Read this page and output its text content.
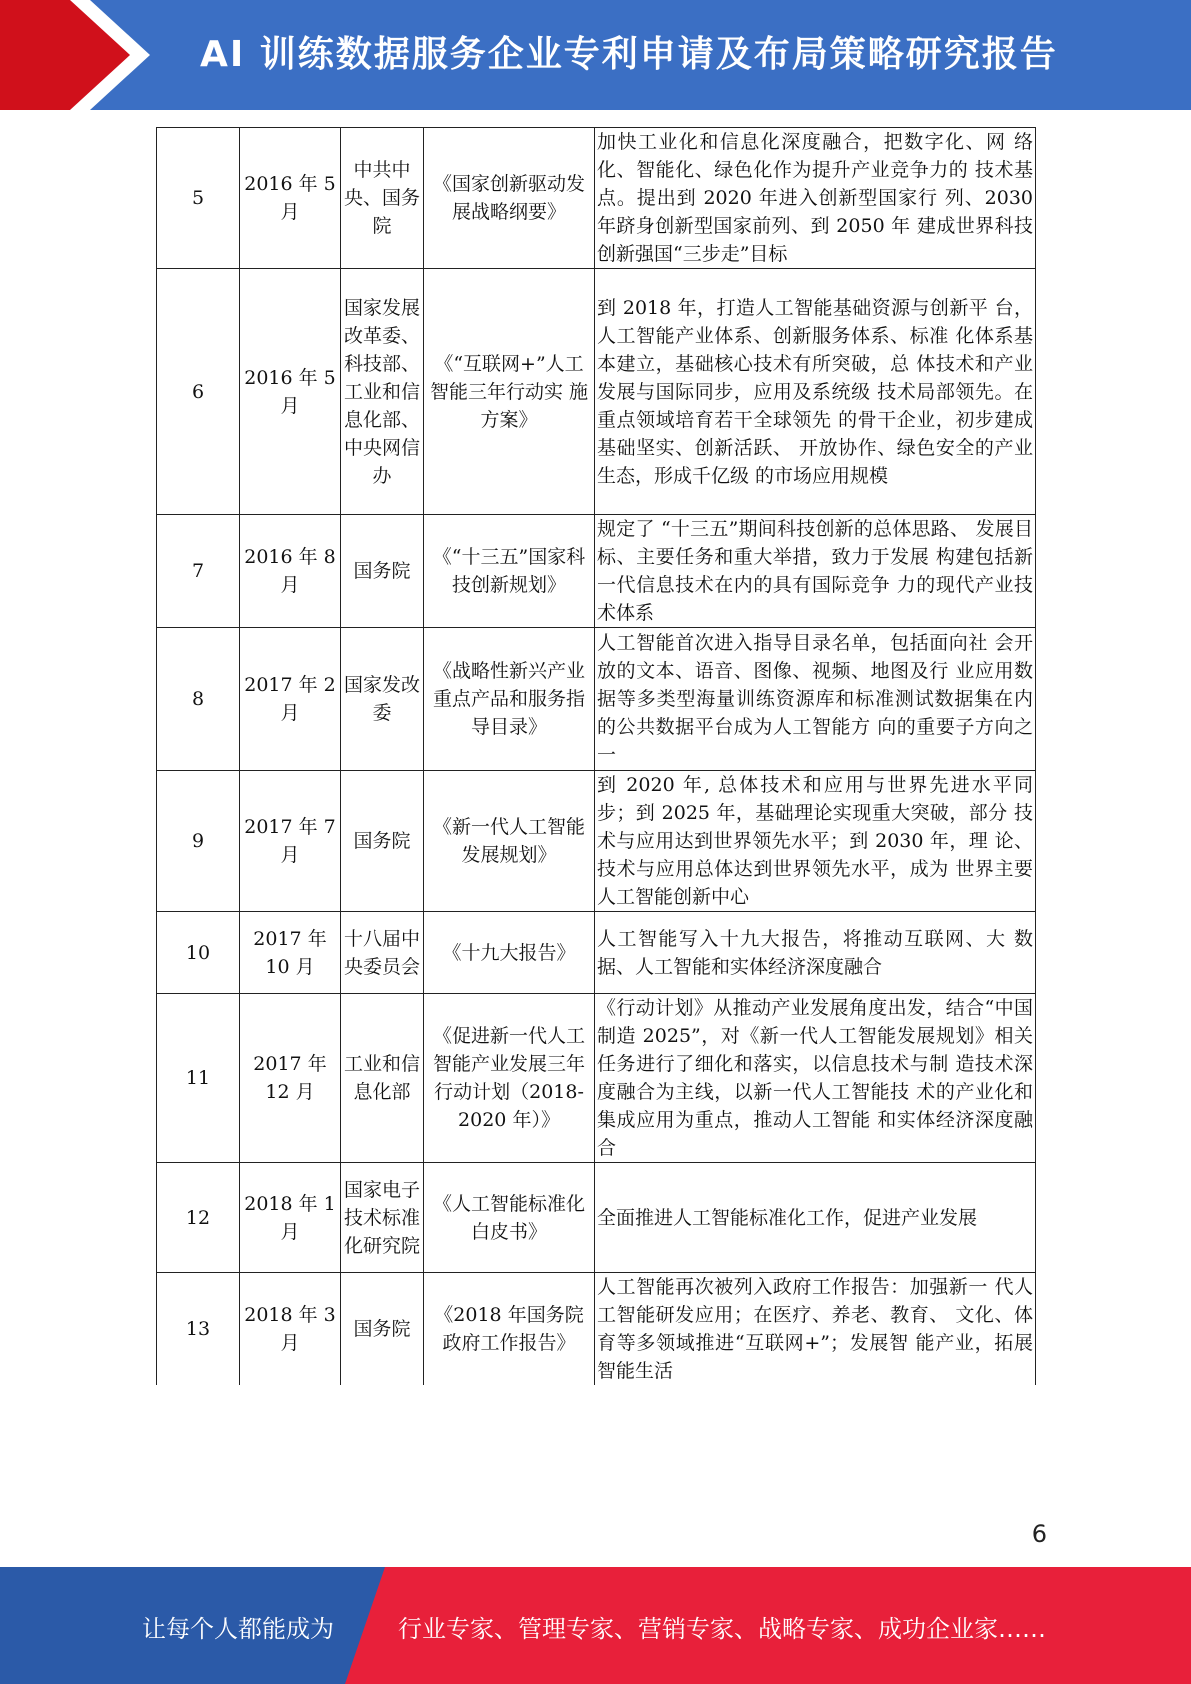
AI 训练数据服务企业专利申请及布局策略研究报告
5	2016 年 5 月	中共中央、国务院	《国家创新驱动发展战略纲要》	加快工业化和信息化深度融合，把数字化、网 络化、智能化、绿色化作为提升产业竞争力的 技术基点。提出到 2020 年进入创新型国家行 列、2030 年跻身创新型国家前列、到 2050 年 建成世界科技创新强国“三步走”目标
6	2016 年 5 月	国家发展改革委、科技部、工业和信息化部、中央网信办	《“互联网+”人工 智能三年行动实 施方案》	到 2018 年，打造人工智能基础资源与创新平 台，人工智能产业体系、创新服务体系、标准 化体系基本建立，基础核心技术有所突破，总 体技术和产业发展与国际同步，应用及系统级 技术局部领先。在重点领域培育若干全球领先 的骨干企业，初步建成基础坚实、创新活跃、 开放协作、绿色安全的产业生态，形成千亿级 的市场应用规模
7	2016 年 8 月	国务院	《“十三五”国家科技创新规划》	规定了 “十三五”期间科技创新的总体思路、 发展目标、主要任务和重大举措，致力于发展 构建包括新一代信息技术在内的具有国际竞争 力的现代产业技术体系
8	2017 年 2 月	国家发改委	《战略性新兴产业重点产品和服务指导目录》	人工智能首次进入指导目录名单，包括面向社 会开放的文本、语音、图像、视频、地图及行 业应用数据等多类型海量训练资源库和标准测试数据集在内的公共数据平台成为人工智能方 向的重要子方向之一
9	2017 年 7 月	国务院	《新一代人工智能发展规划》	到 2020 年, 总体技术和应用与世界先进水平同 步；到 2025 年，基础理论实现重大突破，部分 技术与应用达到世界领先水平；到 2030 年，理 论、技术与应用总体达到世界领先水平，成为 世界主要人工智能创新中心
10	2017 年 10 月	十八届中央委员会	《十九大报告》	人工智能写入十九大报告，将推动互联网、大 数据、人工智能和实体经济深度融合
11	2017 年 12 月	工业和信息化部	《促进新一代人工智能产业发展三年行动计划（2018-2020 年）》	《行动计划》从推动产业发展角度出发，结合“中国制造 2025”，对《新一代人工智能发展规划》相关任务进行了细化和落实，以信息技术与制 造技术深度融合为主线，以新一代人工智能技 术的产业化和集成应用为重点，推动人工智能 和实体经济深度融合
12	2018 年 1 月	国家电子技术标准化研究院	《人工智能标准化白皮书》	全面推进人工智能标准化工作，促进产业发展
13	2018 年 3 月	国务院	《2018 年国务院政府工作报告》	人工智能再次被列入政府工作报告：加强新一 代人工智能研发应用；在医疗、养老、教育、 文化、体育等多领域推进“互联网+”；发展智 能产业，拓展智能生活
6
让每个人都能成为	行业专家、管理专家、营销专家、战略专家、成功企业家……
